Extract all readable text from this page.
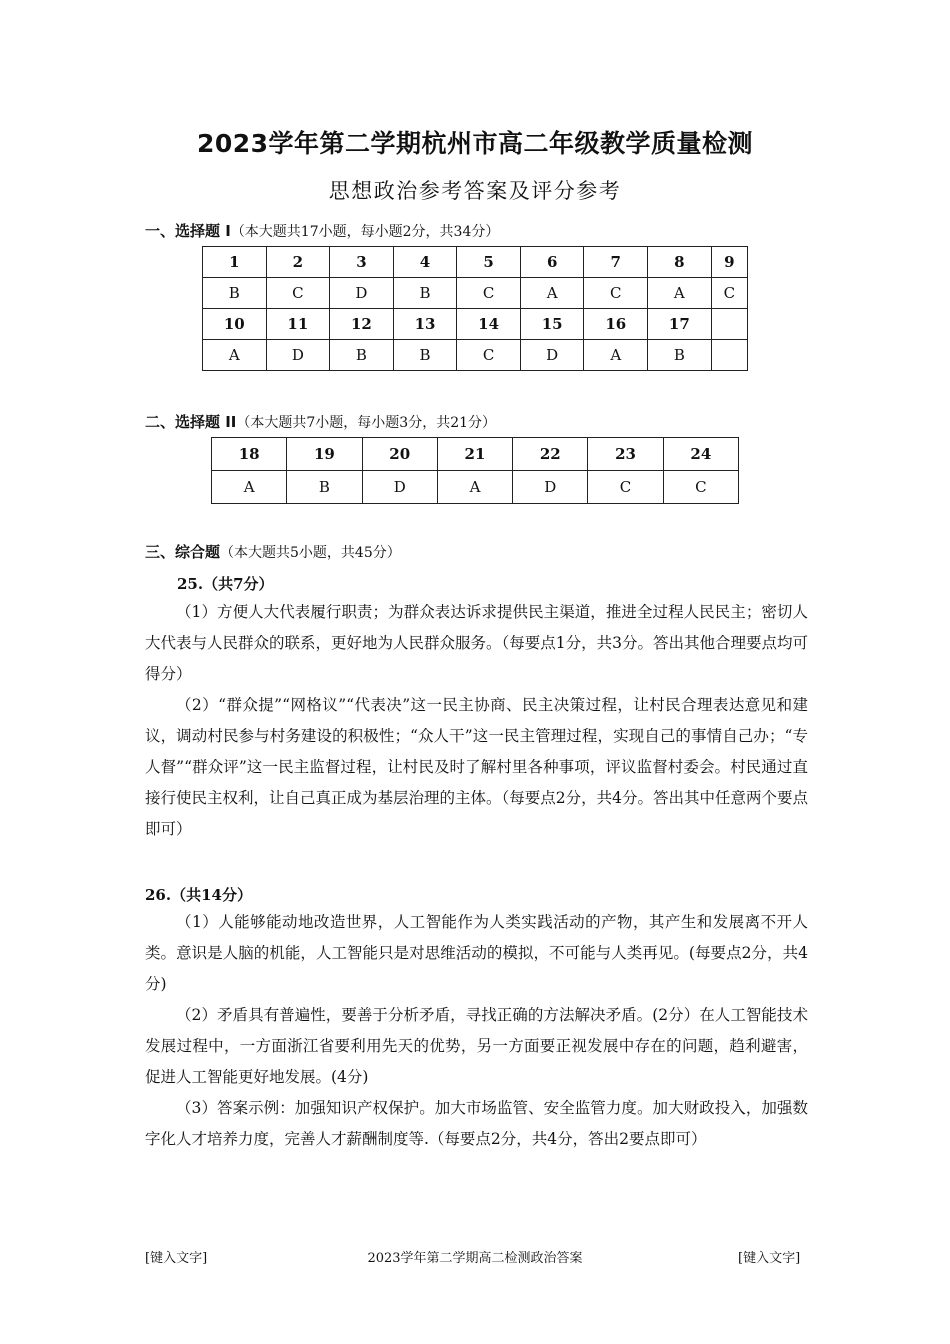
2023学年第二学期杭州市高二年级教学质量检测
思想政治参考答案及评分参考
一、选择题 I（本大题共17小题，每小题2分，共34分）
1	2	3	4	5	6	7	8	9
B	C	D	B	C	A	C	A	C
10	11	12	13	14	15	16	17	
A	D	B	B	C	D	A	B	
二、选择题 II（本大题共7小题，每小题3分，共21分）
18	19	20	21	22	23	24
A	B	D	A	D	C	C
三、综合题（本大题共5小题，共45分）
25.（共7分）

（1）方便人大代表履行职责；为群众表达诉求提供民主渠道，推进全过程人民民主；密切人大代表与人民群众的联系，更好地为人民群众服务。（每要点1分，共3分。答出其他合理要点均可得分）

（2）“群众提”“网格议”“代表决”这一民主协商、民主决策过程，让村民合理表达意见和建议，调动村民参与村务建设的积极性；“众人干”这一民主管理过程，实现自己的事情自己办；“专人督”“群众评”这一民主监督过程，让村民及时了解村里各种事项，评议监督村委会。村民通过直接行使民主权利，让自己真正成为基层治理的主体。（每要点2分，共4分。答出其中任意两个要点即可）

26.（共14分）

（1）人能够能动地改造世界，人工智能作为人类实践活动的产物，其产生和发展离不开人类。意识是人脑的机能，人工智能只是对思维活动的模拟，不可能与人类再见。(每要点2分，共4分)

（2）矛盾具有普遍性，要善于分析矛盾，寻找正确的方法解决矛盾。(2分）在人工智能技术发展过程中，一方面浙江省要利用先天的优势，另一方面要正视发展中存在的问题，趋利避害，促进人工智能更好地发展。(4分)

（3）答案示例：加强知识产权保护。加大市场监管、安全监管力度。加大财政投入，加强数字化人才培养力度，完善人才薪酬制度等.（每要点2分，共4分，答出2要点即可）

[键入文字]	2023学年第二学期高二检测政治答案	[键入文字]
